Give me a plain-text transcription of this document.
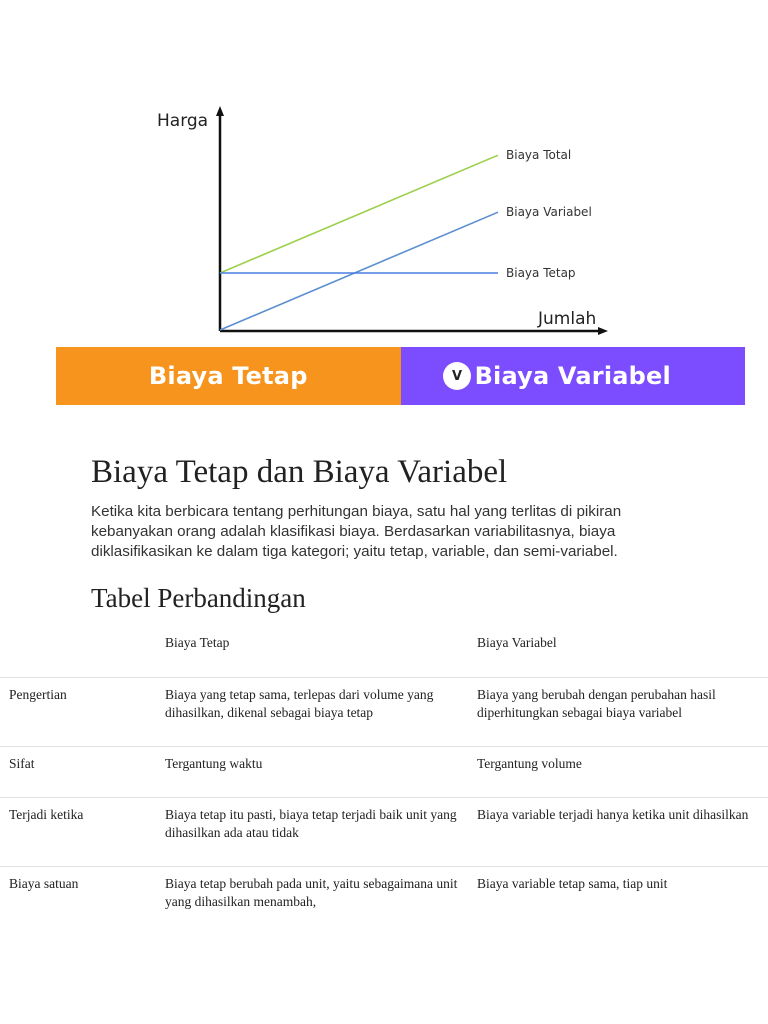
Harga
Jumlah
Biaya Total
Biaya Variabel
Biaya Tetap
Biaya Tetap	Biaya Variabel
V
Biaya Tetap dan Biaya Variabel

Ketika kita berbicara tentang perhitungan biaya, satu hal yang terlitas di pikiran kebanyakan orang adalah klasifikasi biaya. Berdasarkan variabilitasnya, biaya diklasifikasikan ke dalam tiga kategori; yaitu tetap, variable, dan semi-variabel.

Tabel Perbandingan
	Biaya Tetap	Biaya Variabel
Pengertian	Biaya yang tetap sama, terlepas dari volume yang dihasilkan, dikenal sebagai biaya tetap	Biaya yang berubah dengan perubahan hasil diperhitungkan sebagai biaya variabel
Sifat	Tergantung waktu	Tergantung volume
Terjadi ketika	Biaya tetap itu pasti, biaya tetap terjadi baik unit yang dihasilkan ada atau tidak	Biaya variable terjadi hanya ketika unit dihasilkan
Biaya satuan	Biaya tetap berubah pada unit, yaitu sebagaimana unit yang dihasilkan menambah,	Biaya variable tetap sama, tiap unit
